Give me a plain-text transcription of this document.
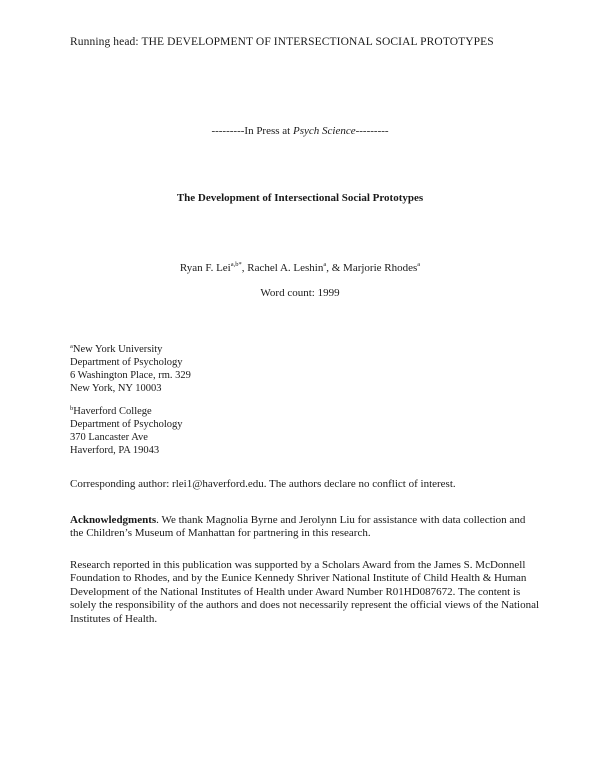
Running head: THE DEVELOPMENT OF INTERSECTIONAL SOCIAL PROTOTYPES
---------In Press at Psych Science---------
The Development of Intersectional Social Prototypes
Ryan F. Lei$^{a,b*}$, Rachel A. Leshin$^a$, & Marjorie Rhodes$^a$
Word count: 1999
$^a$New York University
Department of Psychology
6 Washington Place, rm. 329
New York, NY 10003
$^b$Haverford College
Department of Psychology
370 Lancaster Ave
Haverford, PA 19043
Corresponding author: rlei1@haverford.edu. The authors declare no conflict of interest.
Acknowledgments. We thank Magnolia Byrne and Jerolynn Liu for assistance with data collection and the Children’s Museum of Manhattan for partnering in this research.
Research reported in this publication was supported by a Scholars Award from the James S. McDonnell Foundation to Rhodes, and by the Eunice Kennedy Shriver National Institute of Child Health & Human Development of the National Institutes of Health under Award Number R01HD087672. The content is solely the responsibility of the authors and does not necessarily represent the official views of the National Institutes of Health.
